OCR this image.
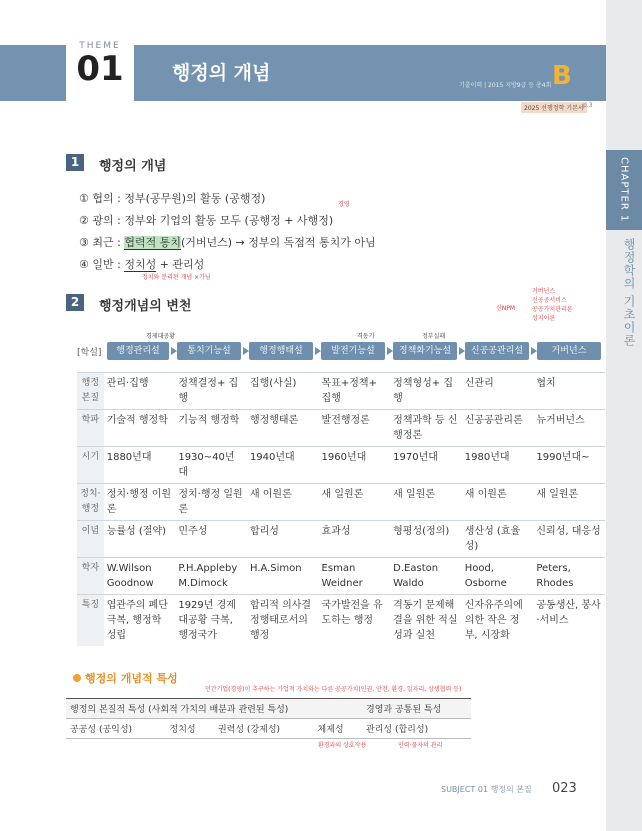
CHAPTER 1
행정학의 기초이론
THEME
01	행정의 개념
기출이력 | 2015 지방9급 등 총4회 B
2025 선행정학 기본서 p.3
1	행정의 개념
① 협의 : 정부(공무원)의 활동 (공행정)
② 광의 : 정부와 기업의 활동 모두 (공행정 + 사행정)
경영
③ 최근 : 협력적 통치(거버넌스) → 정부의 독점적 통치가 아님
④ 일반 : 정치성 + 관리성
정치와 분리된 개념 ×가님
2	행정개념의 변천	신NPM
거버넌스
신공공서비스
공공가치관리론
성지이론
경제대공황	격동기	정부실패
[학설]	행정관리설	통치기능설	행정행태설	발전기능설	정책화기능설	신공공관리설	거버넌스
행정 본질	관리·집행	정책결정+ 집행	집행(사실)	목표+정책+ 집행	정책형성+ 집행	신관리	협치
학파	기술적 행정학	기능적 행정학	행정행태론	발전행정론	정책과학 등 신행정론	신공공관리론	뉴거버넌스
시기	1880년대	1930~40년대	1940년대	1960년대	1970년대	1980년대	1990년대~
정치· 행정	정치·행정 이원론	정치·행정 일원론	새 이원론	새 일원론	새 일원론	새 이원론	새 일원론
이념	능률성 (절약)	민주성	합리성	효과성	형평성(정의)	생산성 (효율성)	신뢰성, 대응성
학자	W.Wilson Goodnow	P.H.Appleby M.Dimock	H.A.Simon	Esman Weidner	D.Easton Waldo	Hood, Osborne	Peters, Rhodes
특징	엽관주의 폐단 극복, 행정학 성립	1929년 경제대공황 극복, 행정국가	합리적 의사결정행태로서의 행정	국가발전을 유도하는 행정	격동기 문제해결을 위한 적실성과 실천	신자유주의에 의한 작은 정부, 시장화	공동생산, 봉사·서비스
행정의 개념적 특성
민간기업(경영)이 추구하는 가업적 가치와는 다른 공공가치(인권, 안전, 환경, 일자리, 상생협력 등)
행정의 본질적 특성 (사회적 가치의 배분과 관련된 특성)				경영과 공통된 특성
공공성 (공익성)	정치성	권력성 (강제성)	체제성	관리성 (합리성)
환경과의 상호작용	인력·물자의 관리
SUBJECT 01 행정의 본질 023
